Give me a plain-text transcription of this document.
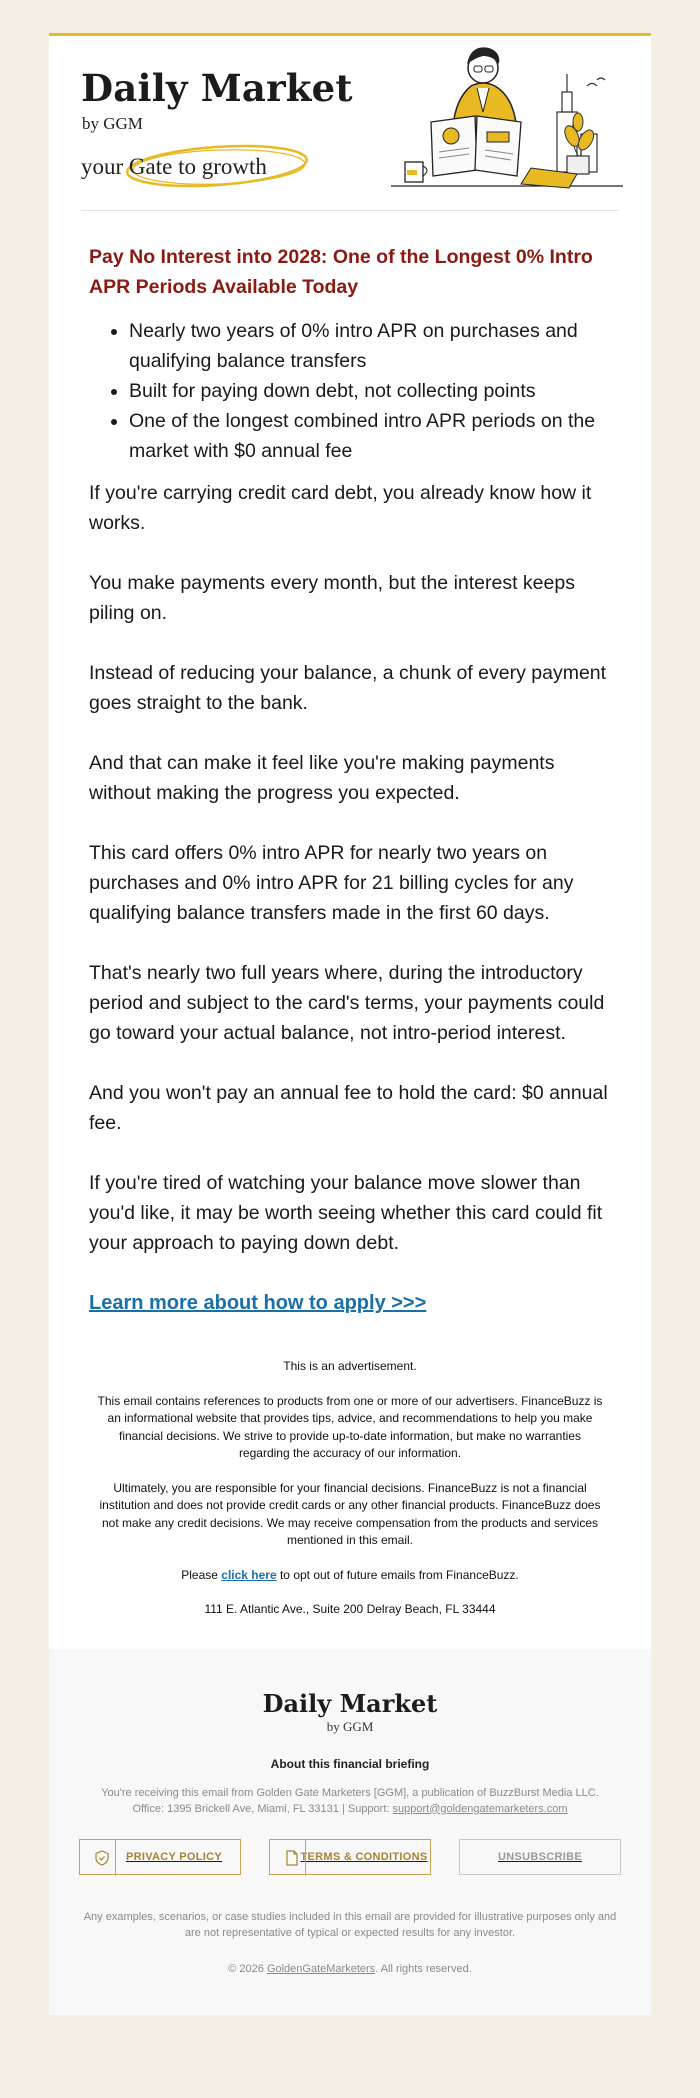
Daily Market
by GGM
your Gate to growth
Pay No Interest into 2028: One of the Longest 0% Intro APR Periods Available Today
• Nearly two years of 0% intro APR on purchases and qualifying balance transfers
• Built for paying down debt, not collecting points
• One of the longest combined intro APR periods on the market with $0 annual fee

If you're carrying credit card debt, you already know how it works.

You make payments every month, but the interest keeps piling on.

Instead of reducing your balance, a chunk of every payment goes straight to the bank.

And that can make it feel like you're making payments without making the progress you expected.

This card offers 0% intro APR for nearly two years on purchases and 0% intro APR for 21 billing cycles for any qualifying balance transfers made in the first 60 days.

That's nearly two full years where, during the introductory period and subject to the card's terms, your payments could go toward your actual balance, not intro-period interest.

And you won't pay an annual fee to hold the card: $0 annual fee.

If you're tired of watching your balance move slower than you'd like, it may be worth seeing whether this card could fit your approach to paying down debt.

Learn more about how to apply >>>
This is an advertisement.
This email contains references to products from one or more of our advertisers. FinanceBuzz is an informational website that provides tips, advice, and recommendations to help you make financial decisions. We strive to provide up-to-date information, but make no warranties regarding the accuracy of our information.
Ultimately, you are responsible for your financial decisions. FinanceBuzz is not a financial institution and does not provide credit cards or any other financial products. FinanceBuzz does not make any credit decisions. We may receive compensation from the products and services mentioned in this email.
Please click here to opt out of future emails from FinanceBuzz.
111 E. Atlantic Ave., Suite 200 Delray Beach, FL 33444
Daily Market
by GGM
About this financial briefing
You're receiving this email from Golden Gate Marketers [GGM], a publication of BuzzBurst Media LLC.
Office: 1395 Brickell Ave, Miami, FL 33131 | Support: support@goldengatemarketers.com
PRIVACY POLICY	TERMS & CONDITIONS	UNSUBSCRIBE
Any examples, scenarios, or case studies included in this email are provided for illustrative purposes only and are not representative of typical or expected results for any investor.
© 2026 GoldenGateMarketers. All rights reserved.
